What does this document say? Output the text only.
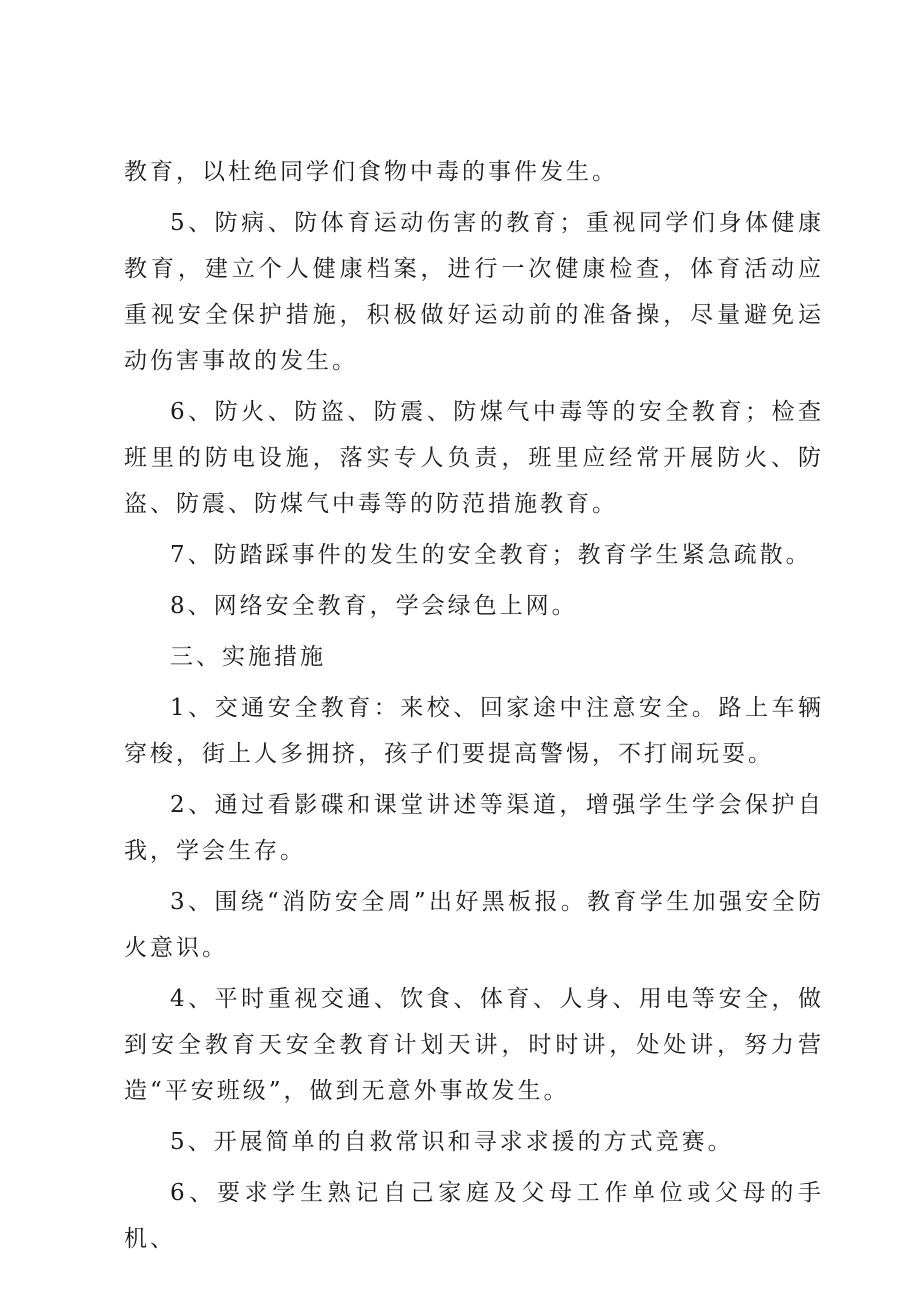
教育，以杜绝同学们食物中毒的事件发生。

5、防病、防体育运动伤害的教育；重视同学们身体健康教育，建立个人健康档案，进行一次健康检查，体育活动应重视安全保护措施，积极做好运动前的准备操，尽量避免运动伤害事故的发生。

6、防火、防盗、防震、防煤气中毒等的安全教育；检查班里的防电设施，落实专人负责，班里应经常开展防火、防盗、防震、防煤气中毒等的防范措施教育。

7、防踏踩事件的发生的安全教育；教育学生紧急疏散。

8、网络安全教育，学会绿色上网。

三、实施措施

1、交通安全教育：来校、回家途中注意安全。路上车辆穿梭，街上人多拥挤，孩子们要提高警惕，不打闹玩耍。

2、通过看影碟和课堂讲述等渠道，增强学生学会保护自我，学会生存。

3、围绕“消防安全周”出好黑板报。教育学生加强安全防火意识。

4、平时重视交通、饮食、体育、人身、用电等安全，做到安全教育天安全教育计划天讲，时时讲，处处讲，努力营造“平安班级”，做到无意外事故发生。

5、开展简单的自救常识和寻求求援的方式竞赛。

6、要求学生熟记自己家庭及父母工作单位或父母的手机、
